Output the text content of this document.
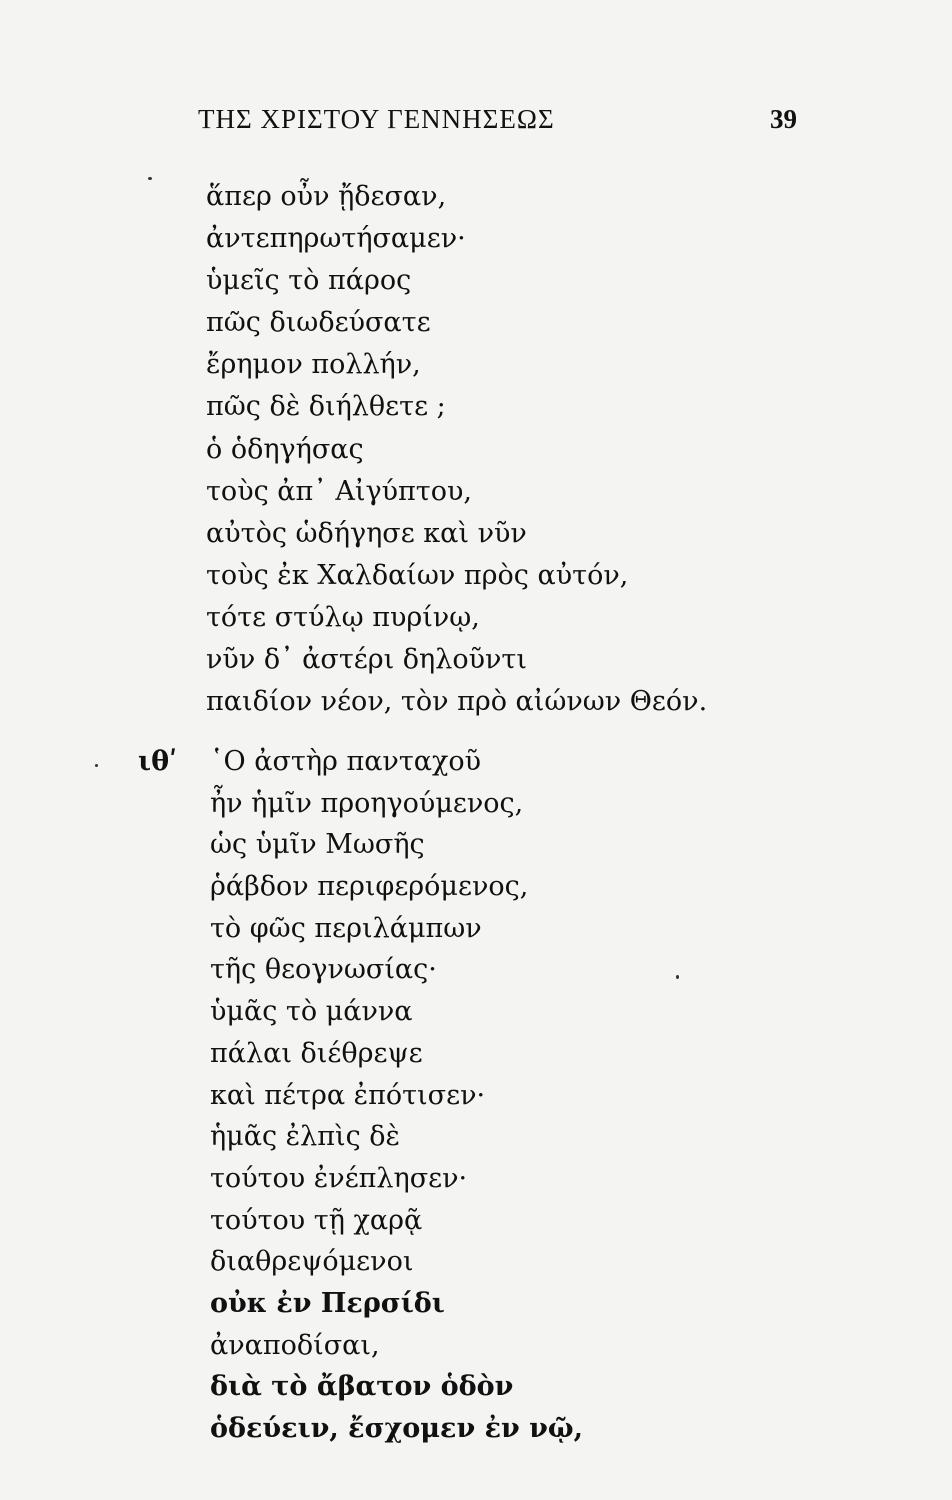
ΤΗΣ ΧΡΙΣΤΟΥ ΓΕΝΝΗΣΕΩΣ	39
ἅπερ οὖν ᾔδεσαν,
ἀντεπηρωτήσαμεν·
ὑμεῖς τὸ πάρος
πῶς διωδεύσατε
ἔρημον πολλήν,
πῶς δὲ διήλθετε ;
ὁ ὁδηγήσας
τοὺς ἀπ᾿ Αἰγύπτου,
αὐτὸς ὡδήγησε καὶ νῦν
τοὺς ἐκ Χαλδαίων πρὸς αὐτόν,
τότε στύλῳ πυρίνῳ,
νῦν δ᾿ ἀστέρι δηλοῦντι
παιδίον νέον, τὸν πρὸ αἰώνων Θεόν.
ιθʹ ῾Ο ἀστὴρ πανταχοῦ
ἦν ἡμῖν προηγούμενος,
ὡς ὑμῖν Μωσῆς
ῥάβδον περιφερόμενος,
τὸ φῶς περιλάμπων
τῆς θεογνωσίας·
ὑμᾶς τὸ μάννα
πάλαι διέθρεψε
καὶ πέτρα ἐπότισεν·
ἡμᾶς ἐλπὶς δὲ
τούτου ἐνέπλησεν·
τούτου τῇ χαρᾷ
διαθρεψόμενοι
οὐκ ἐν Περσίδι
ἀναποδίσαι,
διὰ τὸ ἄβατον ὁδὸν
ὁδεύειν, ἔσχομεν ἐν νῷ,
